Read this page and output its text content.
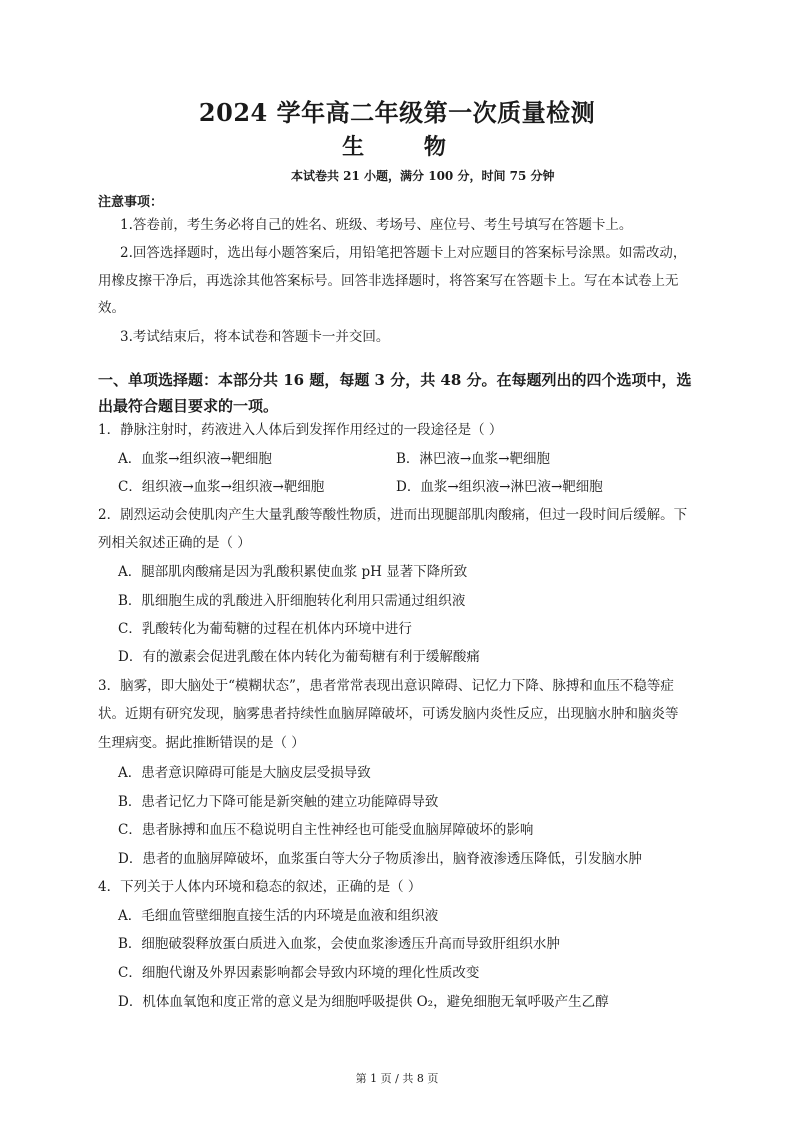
2024 学年高二年级第一次质量检测
生 物
本试卷共 21 小题，满分 100 分，时间 75 分钟
注意事项：
1.答卷前，考生务必将自己的姓名、班级、考场号、座位号、考生号填写在答题卡上。
2.回答选择题时，选出每小题答案后，用铅笔把答题卡上对应题目的答案标号涂黑。如需改动，
用橡皮擦干净后，再选涂其他答案标号。回答非选择题时，将答案写在答题卡上。写在本试卷上无
效。
3.考试结束后，将本试卷和答题卡一并交回。
一、单项选择题：本部分共 16 题，每题 3 分，共 48 分。在每题列出的四个选项中，选
出最符合题目要求的一项。
1．静脉注射时，药液进入人体后到发挥作用经过的一段途径是（ ）
A．血浆→组织液→靶细胞	B．淋巴液→血浆→靶细胞
C．组织液→血浆→组织液→靶细胞	D．血浆→组织液→淋巴液→靶细胞
2．剧烈运动会使肌肉产生大量乳酸等酸性物质，进而出现腿部肌肉酸痛，但过一段时间后缓解。下
列相关叙述正确的是（ ）
A．腿部肌肉酸痛是因为乳酸积累使血浆 pH 显著下降所致
B．肌细胞生成的乳酸进入肝细胞转化利用只需通过组织液
C．乳酸转化为葡萄糖的过程在机体内环境中进行
D．有的激素会促进乳酸在体内转化为葡萄糖有利于缓解酸痛
3．脑雾，即大脑处于“模糊状态”，患者常常表现出意识障碍、记忆力下降、脉搏和血压不稳等症
状。近期有研究发现，脑雾患者持续性血脑屏障破坏，可诱发脑内炎性反应，出现脑水肿和脑炎等
生理病变。据此推断错误的是（ ）
A．患者意识障碍可能是大脑皮层受损导致
B．患者记忆力下降可能是新突触的建立功能障碍导致
C．患者脉搏和血压不稳说明自主性神经也可能受血脑屏障破坏的影响
D．患者的血脑屏障破坏，血浆蛋白等大分子物质渗出，脑脊液渗透压降低，引发脑水肿
4．下列关于人体内环境和稳态的叙述，正确的是（ ）
A．毛细血管壁细胞直接生活的内环境是血液和组织液
B．细胞破裂释放蛋白质进入血浆，会使血浆渗透压升高而导致肝组织水肿
C．细胞代谢及外界因素影响都会导致内环境的理化性质改变
D．机体血氧饱和度正常的意义是为细胞呼吸提供 O₂，避免细胞无氧呼吸产生乙醇
第 1 页 / 共 8 页
